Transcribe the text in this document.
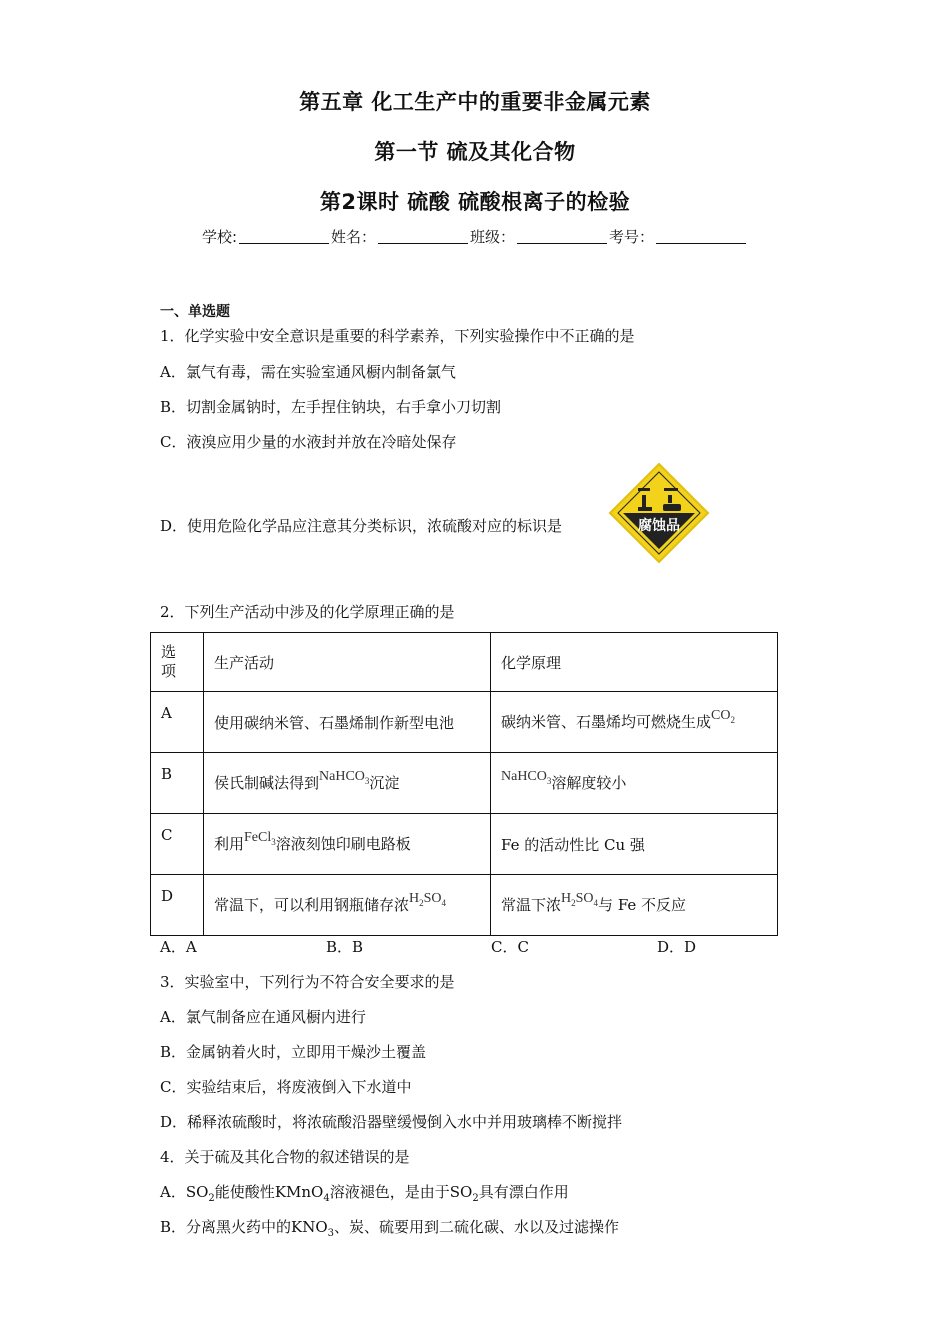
第五章 化工生产中的重要非金属元素
第一节 硫及其化合物
第2课时 硫酸 硫酸根离子的检验
学校:	姓名：	班级：	考号：
一、单选题
1．化学实验中安全意识是重要的科学素养，下列实验操作中不正确的是
A．氯气有毒，需在实验室通风橱内制备氯气
B．切割金属钠时，左手捏住钠块，右手拿小刀切割
C．液溴应用少量的水液封并放在冷暗处保存
D．使用危险化学品应注意其分类标识，浓硫酸对应的标识是	腐蚀品
2．下列生产活动中涉及的化学原理正确的是
选项	生产活动	化学原理
A	使用碳纳米管、石墨烯制作新型电池	碳纳米管、石墨烯均可燃烧生成$CO_2$
B	侯氏制碱法得到NaHCO$_3$沉淀	NaHCO$_3$溶解度较小
C	利用FeCl$_3$溶液刻蚀印刷电路板	Fe 的活动性比 Cu 强
D	常温下，可以利用钢瓶储存浓$H_2SO_4$	常温下浓$H_2SO_4$与 Fe 不反应
A．A	B．B	C．C	D．D
3．实验室中，下列行为不符合安全要求的是
A．氯气制备应在通风橱内进行
B．金属钠着火时，立即用干燥沙土覆盖
C．实验结束后，将废液倒入下水道中
D．稀释浓硫酸时，将浓硫酸沿器壁缓慢倒入水中并用玻璃棒不断搅拌
4．关于硫及其化合物的叙述错误的是
A．$SO_2$能使酸性KMnO$_4$溶液褪色，是由于$SO_2$具有漂白作用
B．分离黑火药中的$KNO_3$、炭、硫要用到二硫化碳、水以及过滤操作
